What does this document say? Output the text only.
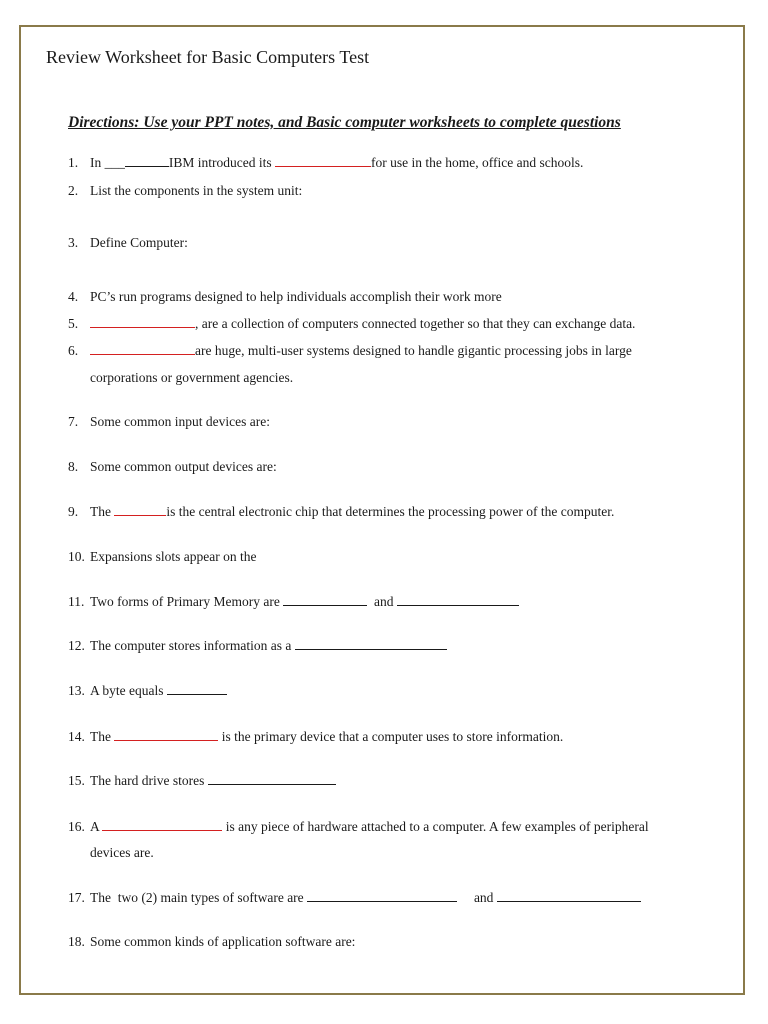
Review Worksheet for Basic Computers Test
Directions: Use your PPT notes, and Basic computer worksheets to complete questions
1. In ___	IBM introduced its	for use in the home, office and schools.
2. List the components in the system unit:
3. Define Computer:
4. PC’s run programs designed to help individuals accomplish their work more
5.	, are a collection of computers connected together so that they can exchange data.
6.	are huge, multi-user systems designed to handle gigantic processing jobs in large
corporations or government agencies.
7. Some common input devices are:
8. Some common output devices are:
9. The	is the central electronic chip that determines the processing power of the computer.
10. Expansions slots appear on the
11. Two forms of Primary Memory are	and
12. The computer stores information as a
13. A byte equals
14. The	is the primary device that a computer uses to store information.
15. The hard drive stores
16. A	is any piece of hardware attached to a computer. A few examples of peripheral
devices are.
17. The  two (2) main types of software are	and
18. Some common kinds of application software are:
